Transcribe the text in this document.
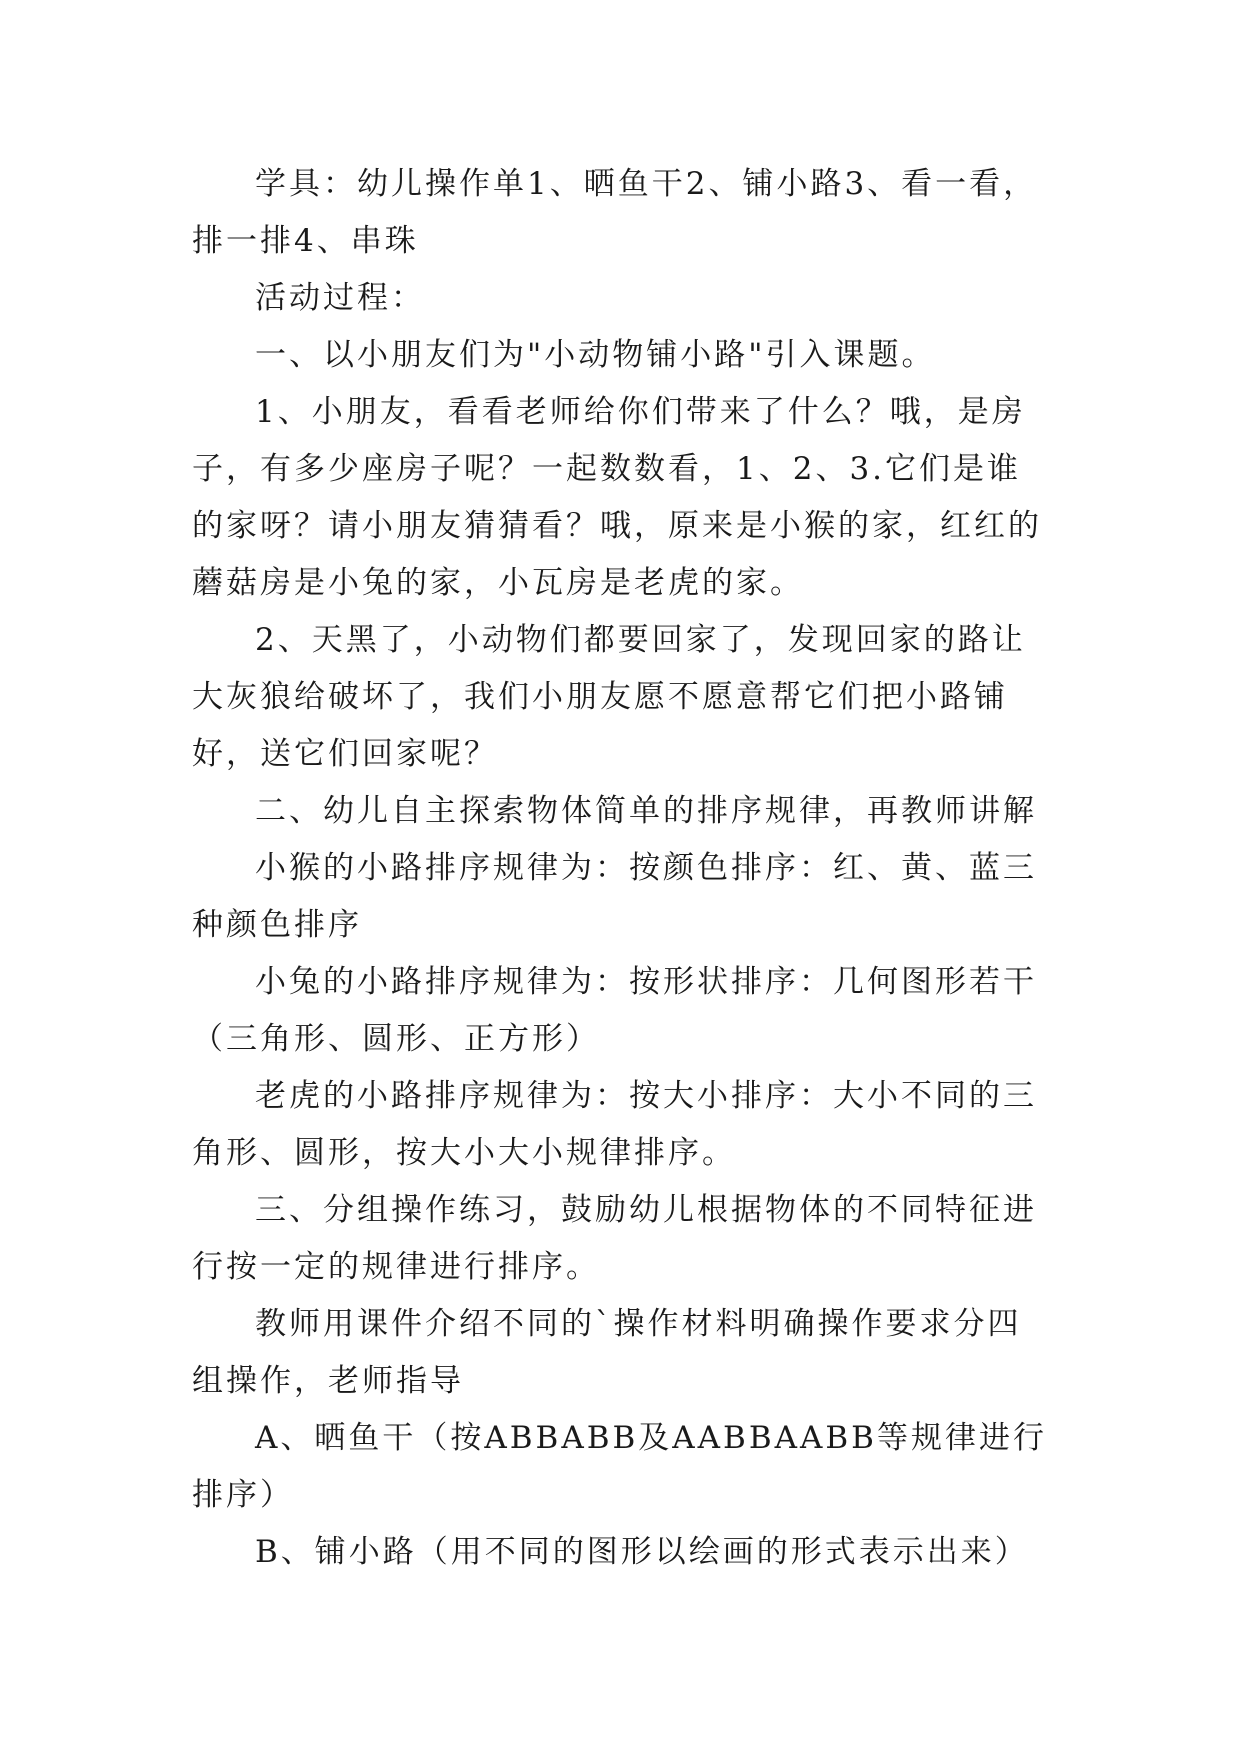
学具：幼儿操作单1、晒鱼干2、铺小路3、看一看，排一排4、串珠

活动过程：

一、以小朋友们为"小动物铺小路"引入课题。

1、小朋友，看看老师给你们带来了什么？哦，是房子，有多少座房子呢？一起数数看，1、2、3.它们是谁的家呀？请小朋友猜猜看？哦，原来是小猴的家，红红的蘑菇房是小兔的家，小瓦房是老虎的家。

2、天黑了，小动物们都要回家了，发现回家的路让大灰狼给破坏了，我们小朋友愿不愿意帮它们把小路铺好，送它们回家呢？

二、幼儿自主探索物体简单的排序规律，再教师讲解

小猴的小路排序规律为：按颜色排序：红、黄、蓝三种颜色排序

小兔的小路排序规律为：按形状排序：几何图形若干（三角形、圆形、正方形）

老虎的小路排序规律为：按大小排序：大小不同的三角形、圆形，按大小大小规律排序。

三、分组操作练习，鼓励幼儿根据物体的不同特征进行按一定的规律进行排序。

教师用课件介绍不同的`操作材料明确操作要求分四组操作，老师指导

A、晒鱼干（按ABBABB及AABBAABB等规律进行排序）

B、铺小路（用不同的图形以绘画的形式表示出来）
